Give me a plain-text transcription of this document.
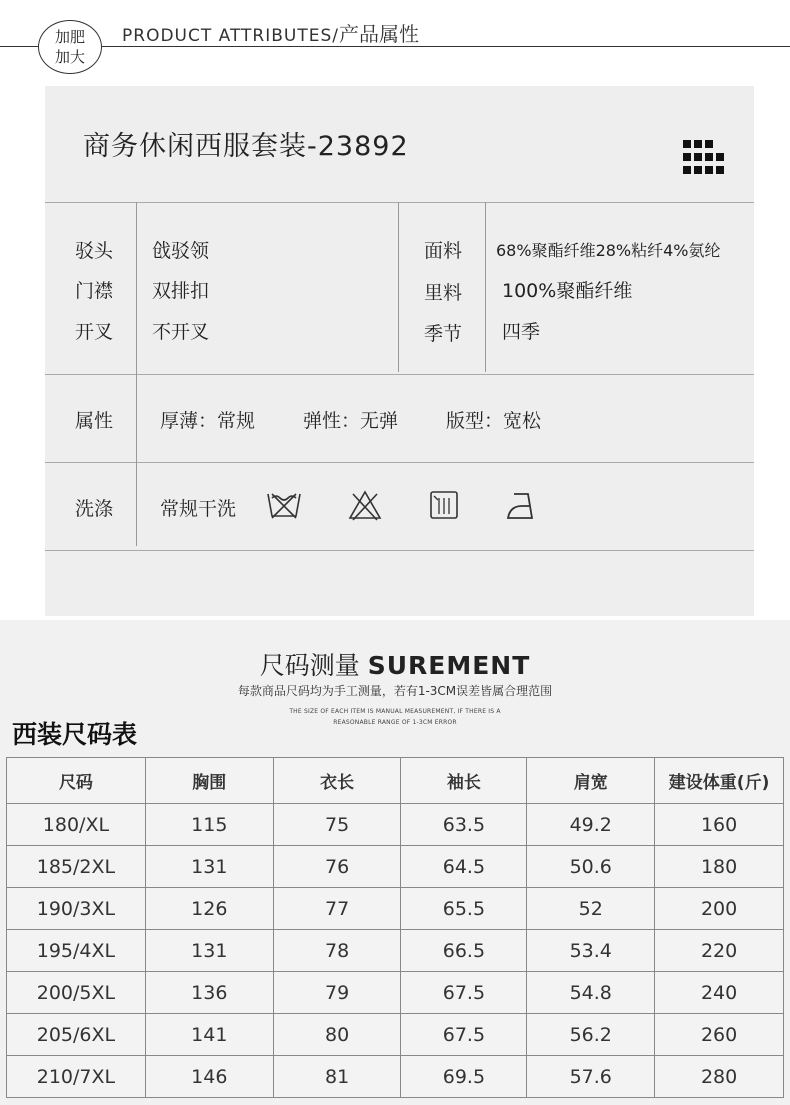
加肥
加大
PRODUCT ATTRIBUTES/产品属性
商务休闲西服套装-23892
驳头 戗驳领
门襟 双排扣
开叉 不开叉
面料 68%聚酯纤维28%粘纤4%氨纶
里料 100%聚酯纤维
季节 四季
属性 厚薄：常规	弹性：无弹	版型：宽松
洗涤 常规干洗
尺码测量 SUREMENT
每款商品尺码均为手工测量，若有1-3CM误差皆属合理范围
THE SIZE OF EACH ITEM IS MANUAL MEASUREMENT, IF THERE IS A
REASONABLE RANGE OF 1-3CM ERROR
西装尺码表
尺码	胸围	衣长	袖长	肩宽	建设体重(斤)
180/XL	115	75	63.5	49.2	160
185/2XL	131	76	64.5	50.6	180
190/3XL	126	77	65.5	52	200
195/4XL	131	78	66.5	53.4	220
200/5XL	136	79	67.5	54.8	240
205/6XL	141	80	67.5	56.2	260
210/7XL	146	81	69.5	57.6	280
